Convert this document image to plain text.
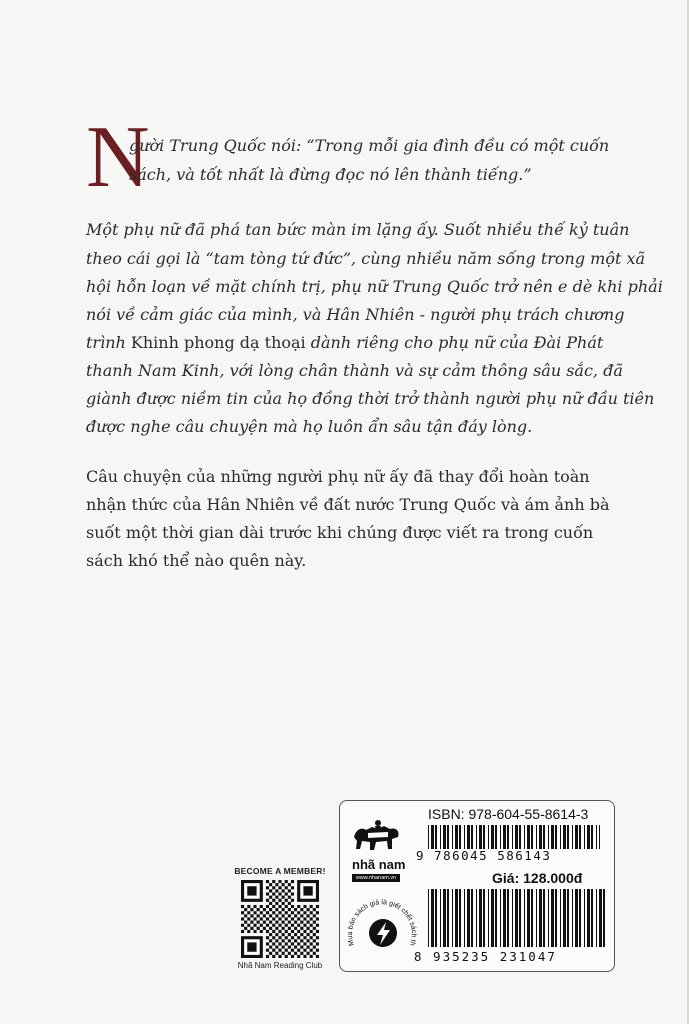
N
gười Trung Quốc nói: “Trong mỗi gia đình đều có một cuốn
sách, và tốt nhất là đừng đọc nó lên thành tiếng.”
Một phụ nữ đã phá tan bức màn im lặng ấy. Suốt nhiều thế kỷ tuân
theo cái gọi là “tam tòng tứ đức”, cùng nhiều năm sống trong một xã
hội hỗn loạn về mặt chính trị, phụ nữ Trung Quốc trở nên e dè khi phải
nói về cảm giác của mình, và Hân Nhiên - người phụ trách chương
trình Khinh phong dạ thoại dành riêng cho phụ nữ của Đài Phát
thanh Nam Kinh, với lòng chân thành và sự cảm thông sâu sắc, đã
giành được niềm tin của họ đồng thời trở thành người phụ nữ đầu tiên
được nghe câu chuyện mà họ luôn ẩn sâu tận đáy lòng.
Câu chuyện của những người phụ nữ ấy đã thay đổi hoàn toàn
nhận thức của Hân Nhiên về đất nước Trung Quốc và ám ảnh bà
suốt một thời gian dài trước khi chúng được viết ra trong cuốn
sách khó thể nào quên này.
BECOME A MEMBER!
Nhã Nam Reading Club
nhã nam
www.nhanam.vn
Mua bán sách giả là giết chết sách th
ISBN: 978-604-55-8614-3
9 786045 586143
Giá: 128.000đ
8 935235 231047
